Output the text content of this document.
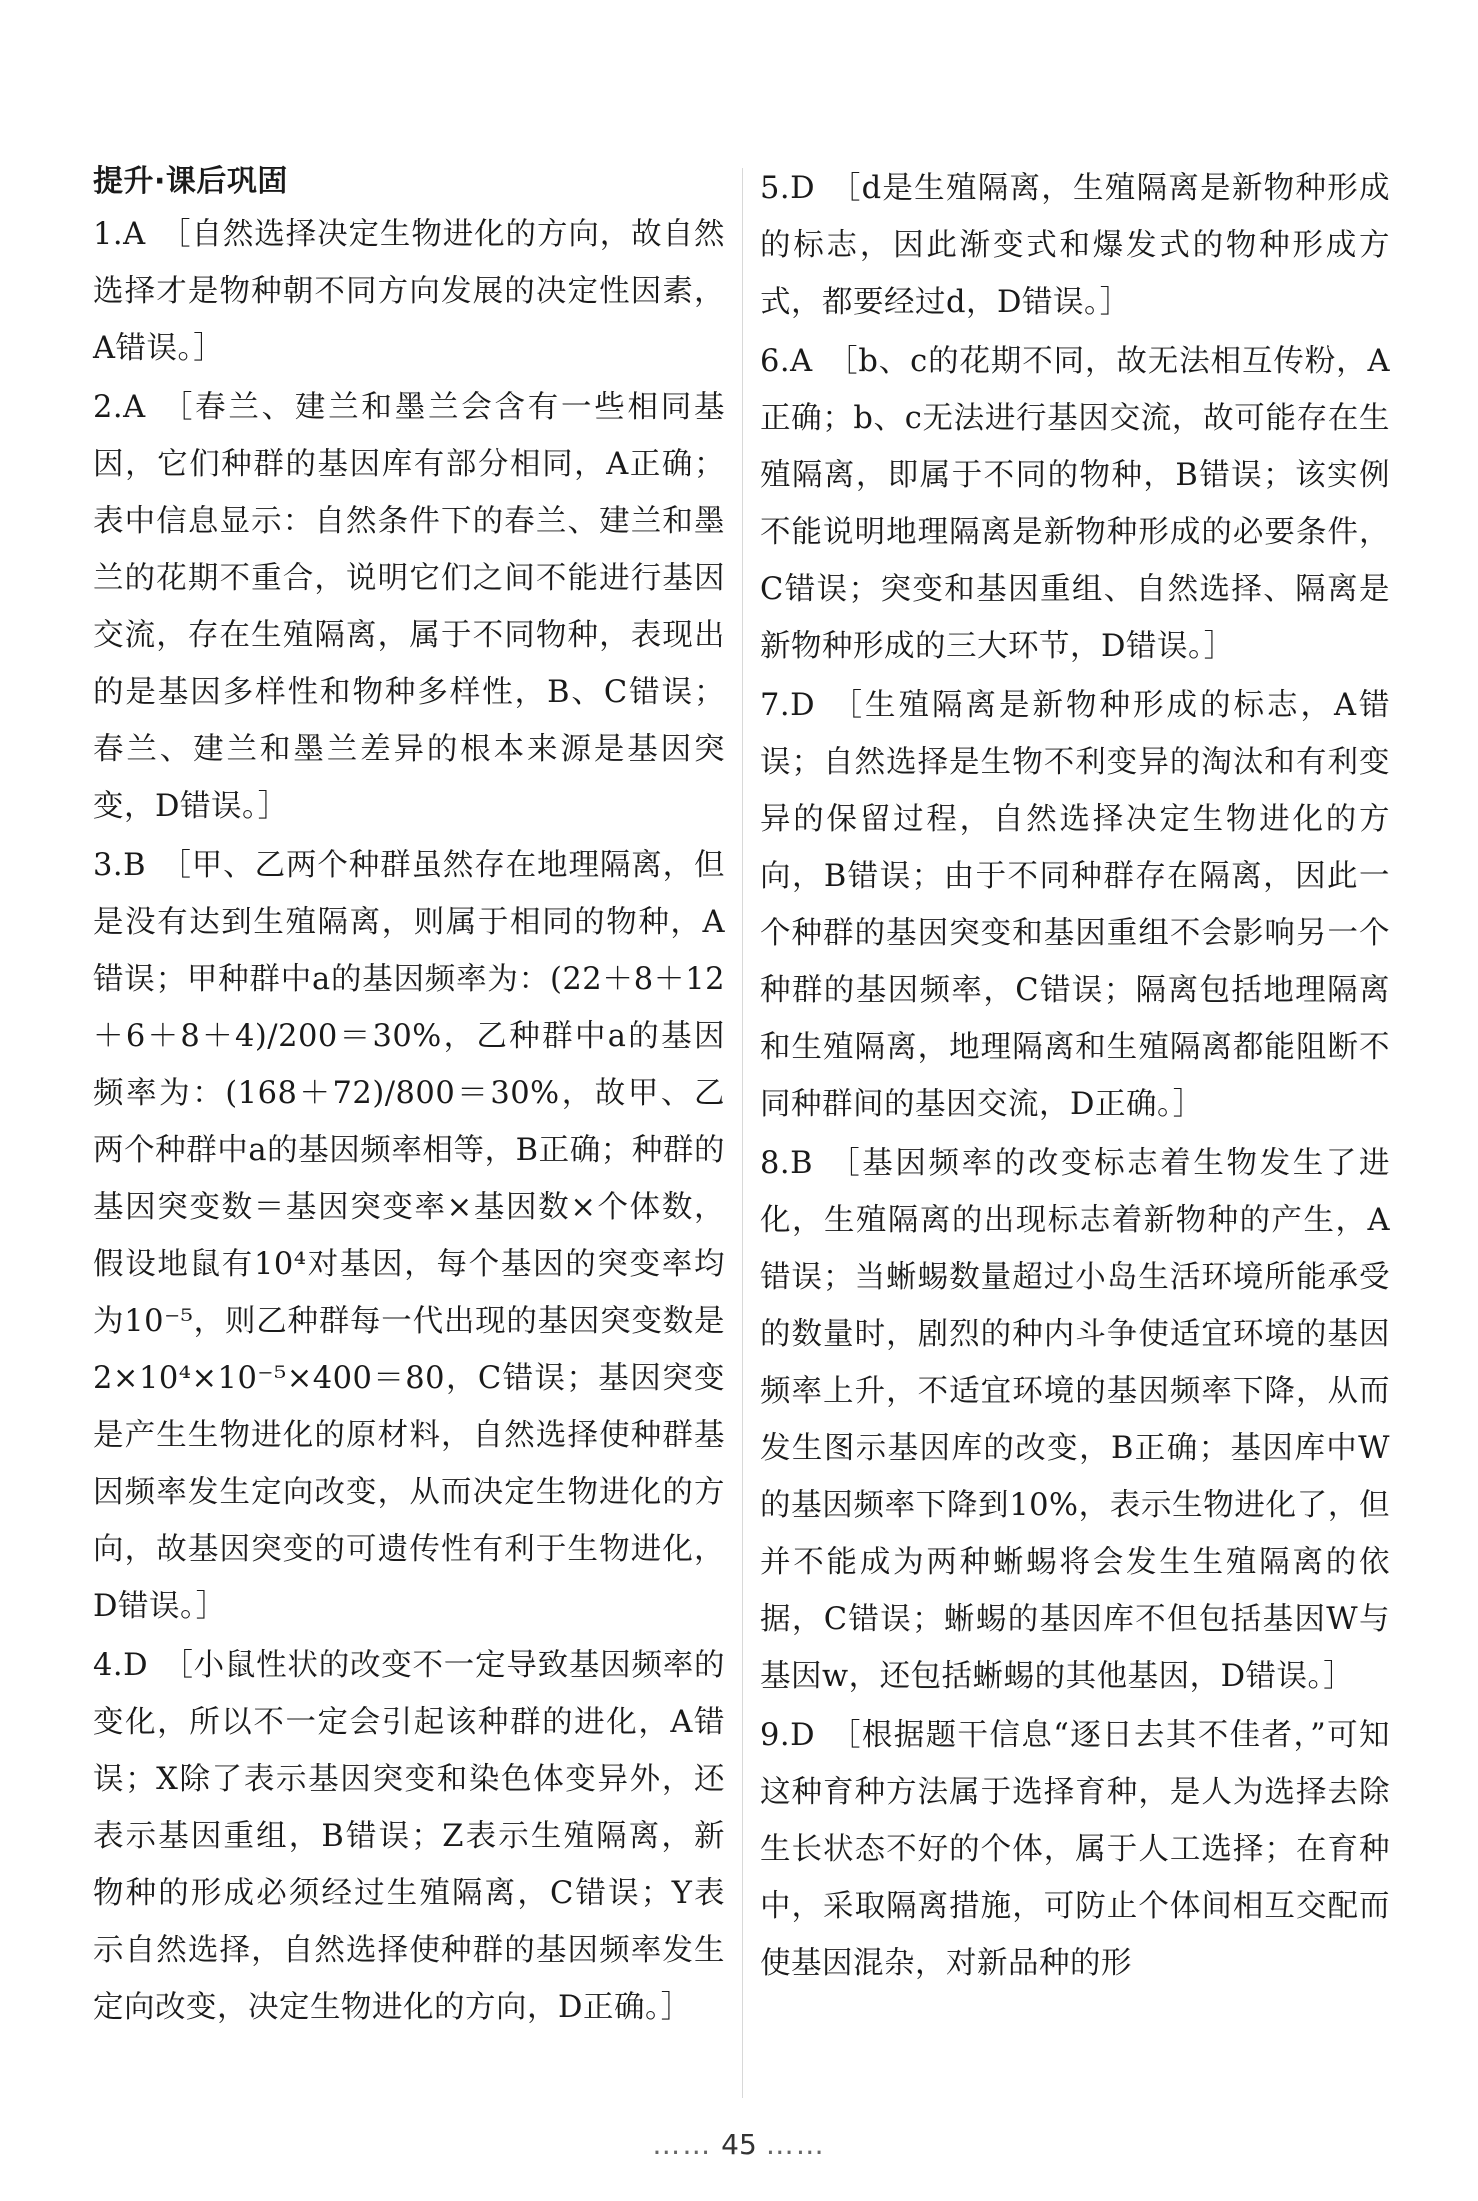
提升·课后巩固
1.A ［自然选择决定生物进化的方向，故自然选择才是物种朝不同方向发展的决定性因素，A错误。］
2.A ［春兰、建兰和墨兰会含有一些相同基因，它们种群的基因库有部分相同，A正确；表中信息显示：自然条件下的春兰、建兰和墨兰的花期不重合，说明它们之间不能进行基因交流，存在生殖隔离，属于不同物种，表现出的是基因多样性和物种多样性，B、C错误；春兰、建兰和墨兰差异的根本来源是基因突变，D错误。］
3.B ［甲、乙两个种群虽然存在地理隔离，但是没有达到生殖隔离，则属于相同的物种，A错误；甲种群中a的基因频率为：(22＋8＋12＋6＋8＋4)/200＝30%，乙种群中a的基因频率为：(168＋72)/800＝30%，故甲、乙两个种群中a的基因频率相等，B正确；种群的基因突变数＝基因突变率×基因数×个体数，假设地鼠有10⁴对基因，每个基因的突变率均为10⁻⁵，则乙种群每一代出现的基因突变数是2×10⁴×10⁻⁵×400＝80，C错误；基因突变是产生生物进化的原材料，自然选择使种群基因频率发生定向改变，从而决定生物进化的方向，故基因突变的可遗传性有利于生物进化，D错误。］
4.D ［小鼠性状的改变不一定导致基因频率的变化，所以不一定会引起该种群的进化，A错误；X除了表示基因突变和染色体变异外，还表示基因重组，B错误；Z表示生殖隔离，新物种的形成必须经过生殖隔离，C错误；Y表示自然选择，自然选择使种群的基因频率发生定向改变，决定生物进化的方向，D正确。］
5.D ［d是生殖隔离，生殖隔离是新物种形成的标志，因此渐变式和爆发式的物种形成方式，都要经过d，D错误。］
6.A ［b、c的花期不同，故无法相互传粉，A正确；b、c无法进行基因交流，故可能存在生殖隔离，即属于不同的物种，B错误；该实例不能说明地理隔离是新物种形成的必要条件，C错误；突变和基因重组、自然选择、隔离是新物种形成的三大环节，D错误。］
7.D ［生殖隔离是新物种形成的标志，A错误；自然选择是生物不利变异的淘汰和有利变异的保留过程，自然选择决定生物进化的方向，B错误；由于不同种群存在隔离，因此一个种群的基因突变和基因重组不会影响另一个种群的基因频率，C错误；隔离包括地理隔离和生殖隔离，地理隔离和生殖隔离都能阻断不同种群间的基因交流，D正确。］
8.B ［基因频率的改变标志着生物发生了进化，生殖隔离的出现标志着新物种的产生，A错误；当蜥蜴数量超过小岛生活环境所能承受的数量时，剧烈的种内斗争使适宜环境的基因频率上升，不适宜环境的基因频率下降，从而发生图示基因库的改变，B正确；基因库中W的基因频率下降到10%，表示生物进化了，但并不能成为两种蜥蜴将会发生生殖隔离的依据，C错误；蜥蜴的基因库不但包括基因W与基因w，还包括蜥蜴的其他基因，D错误。］
9.D ［根据题干信息“逐日去其不佳者，”可知这种育种方法属于选择育种，是人为选择去除生长状态不好的个体，属于人工选择；在育种中，采取隔离措施，可防止个体间相互交配而使基因混杂，对新品种的形
…… 45 ……
